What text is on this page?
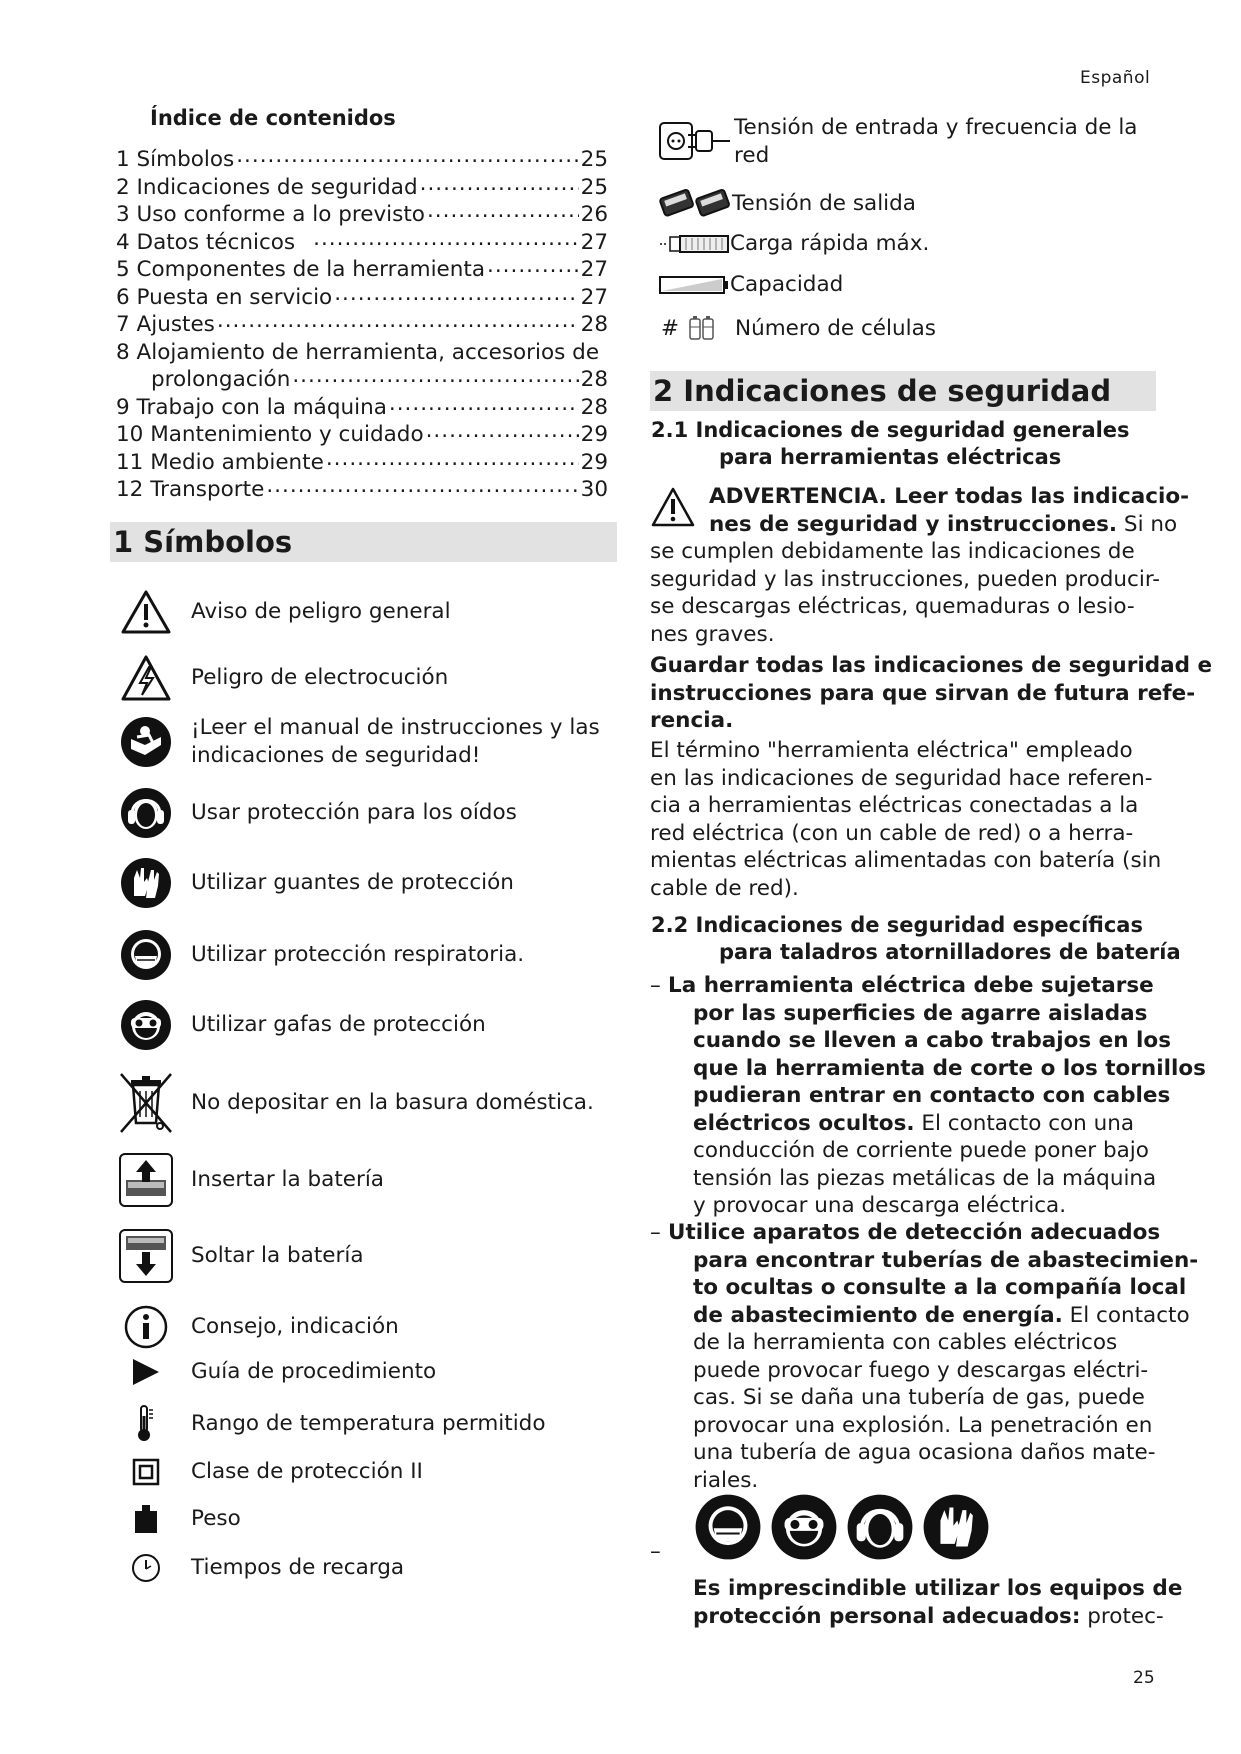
Español
25
Índice de contenidos
1 Símbolos .....	25
2 Indicaciones de seguridad .....	25
3 Uso conforme a lo previsto .....	26
4 Datos técnicos .....	27
5 Componentes de la herramienta .....	27
6 Puesta en servicio .....	27
7 Ajustes .....	28
8 Alojamiento de herramienta, accesorios de
prolongación .....	28
9 Trabajo con la máquina .....	28
10 Mantenimiento y cuidado .....	29
11 Medio ambiente .....	29
12 Transporte .....	30
1 Símbolos
Aviso de peligro general
Peligro de electrocución
¡Leer el manual de instrucciones y las indicaciones de seguridad!
Usar protección para los oídos
Utilizar guantes de protección
Utilizar protección respiratoria.
Utilizar gafas de protección
No depositar en la basura doméstica.
Insertar la batería
Soltar la batería
Consejo, indicación
Guía de procedimiento
Rango de temperatura permitido
Clase de protección II
Peso
Tiempos de recarga
Tensión de entrada y frecuencia de la
red
Tensión de salida
Carga rápida máx.
Capacidad
#	Número de células
2 Indicaciones de seguridad
2.1 Indicaciones de seguridad generales
para herramientas eléctricas
ADVERTENCIA. Leer todas las indicacio-
nes de seguridad y instrucciones. Si no
se cumplen debidamente las indicaciones de
seguridad y las instrucciones, pueden producir-
se descargas eléctricas, quemaduras o lesio-
nes graves.
Guardar todas las indicaciones de seguridad e
instrucciones para que sirvan de futura refe-
rencia.
El término "herramienta eléctrica" empleado
en las indicaciones de seguridad hace referen-
cia a herramientas eléctricas conectadas a la
red eléctrica (con un cable de red) o a herra-
mientas eléctricas alimentadas con batería (sin
cable de red).
2.2 Indicaciones de seguridad específicas
para taladros atornilladores de batería
– La herramienta eléctrica debe sujetarse
por las superficies de agarre aisladas
cuando se lleven a cabo trabajos en los
que la herramienta de corte o los tornillos
pudieran entrar en contacto con cables
eléctricos ocultos. El contacto con una
conducción de corriente puede poner bajo
tensión las piezas metálicas de la máquina
y provocar una descarga eléctrica.
– Utilice aparatos de detección adecuados
para encontrar tuberías de abastecimien-
to ocultas o consulte a la compañía local
de abastecimiento de energía. El contacto
de la herramienta con cables eléctricos
puede provocar fuego y descargas eléctri-
cas. Si se daña una tubería de gas, puede
provocar una explosión. La penetración en
una tubería de agua ocasiona daños mate-
riales.
–
Es imprescindible utilizar los equipos de
protección personal adecuados: protec-
